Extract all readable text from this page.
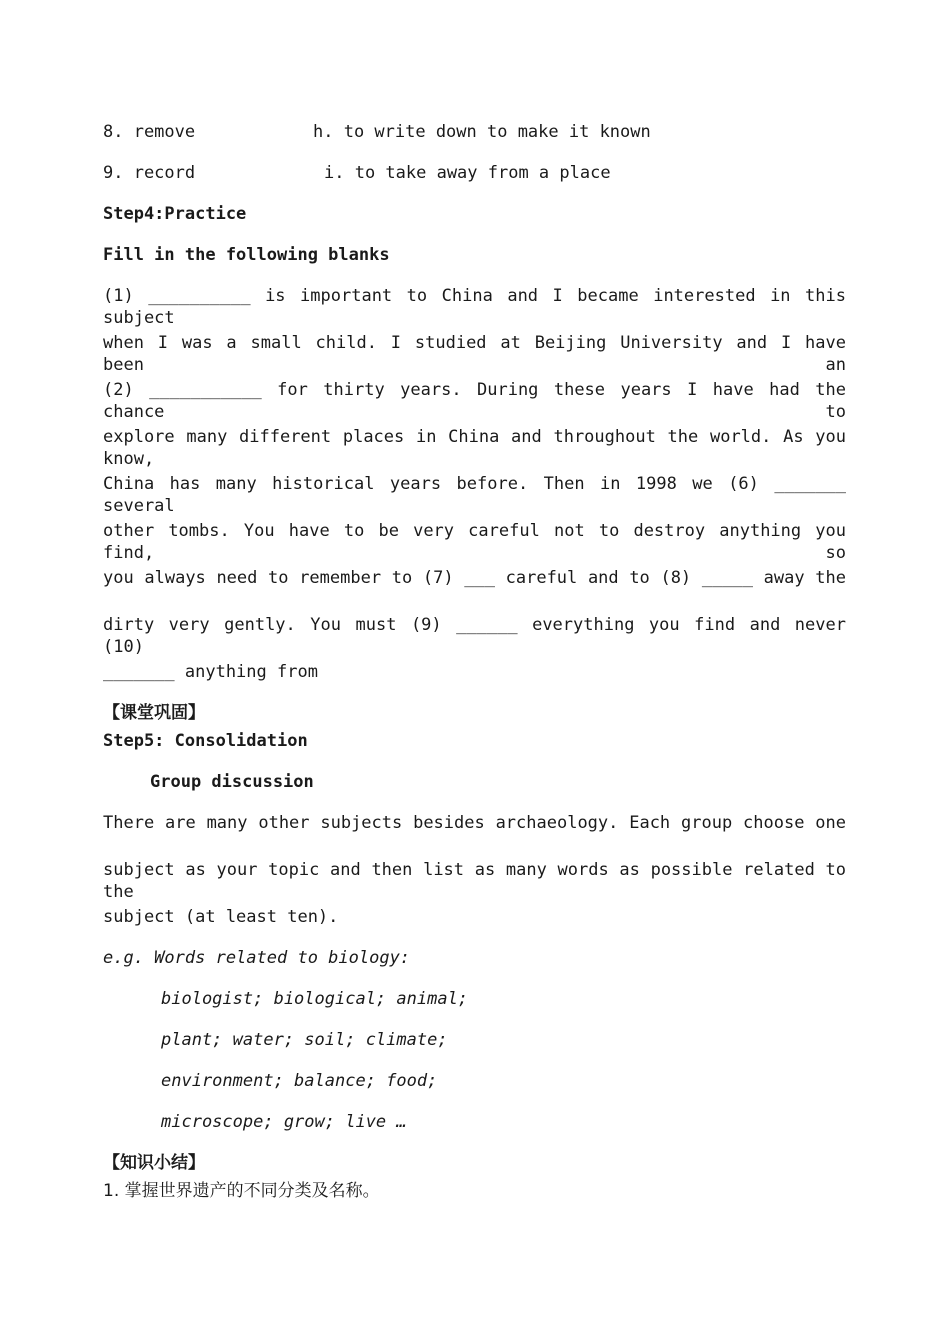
8. remove	h. to write down to make it known
9. record	i. to take away from a place
Step4:Practice
Fill in the following blanks
(1) __________ is important to China and I became interested in this subject
when I was a small child. I studied at Beijing University and I have been an
(2) ___________ for thirty years. During these years I have had the chance to
explore many different places in China and throughout the world. As you know,
China has many historical years before. Then in 1998 we (6) _______ several
other tombs. You have to be very careful not to destroy anything you find, so
you always need to remember to (7) ___ careful and to (8) _____ away the
dirty very gently. You must (9) ______ everything you find and never (10)
_______ anything from
【课堂巩固】
Step5: Consolidation
Group discussion
There are many other subjects besides archaeology. Each group choose one
subject as your topic and then list as many words as possible related to the
subject (at least ten).
e.g. Words related to biology:
biologist; biological; animal;
plant; water; soil; climate;
environment; balance; food;
microscope; grow; live …
【知识小结】
1. 掌握世界遗产的不同分类及名称。
